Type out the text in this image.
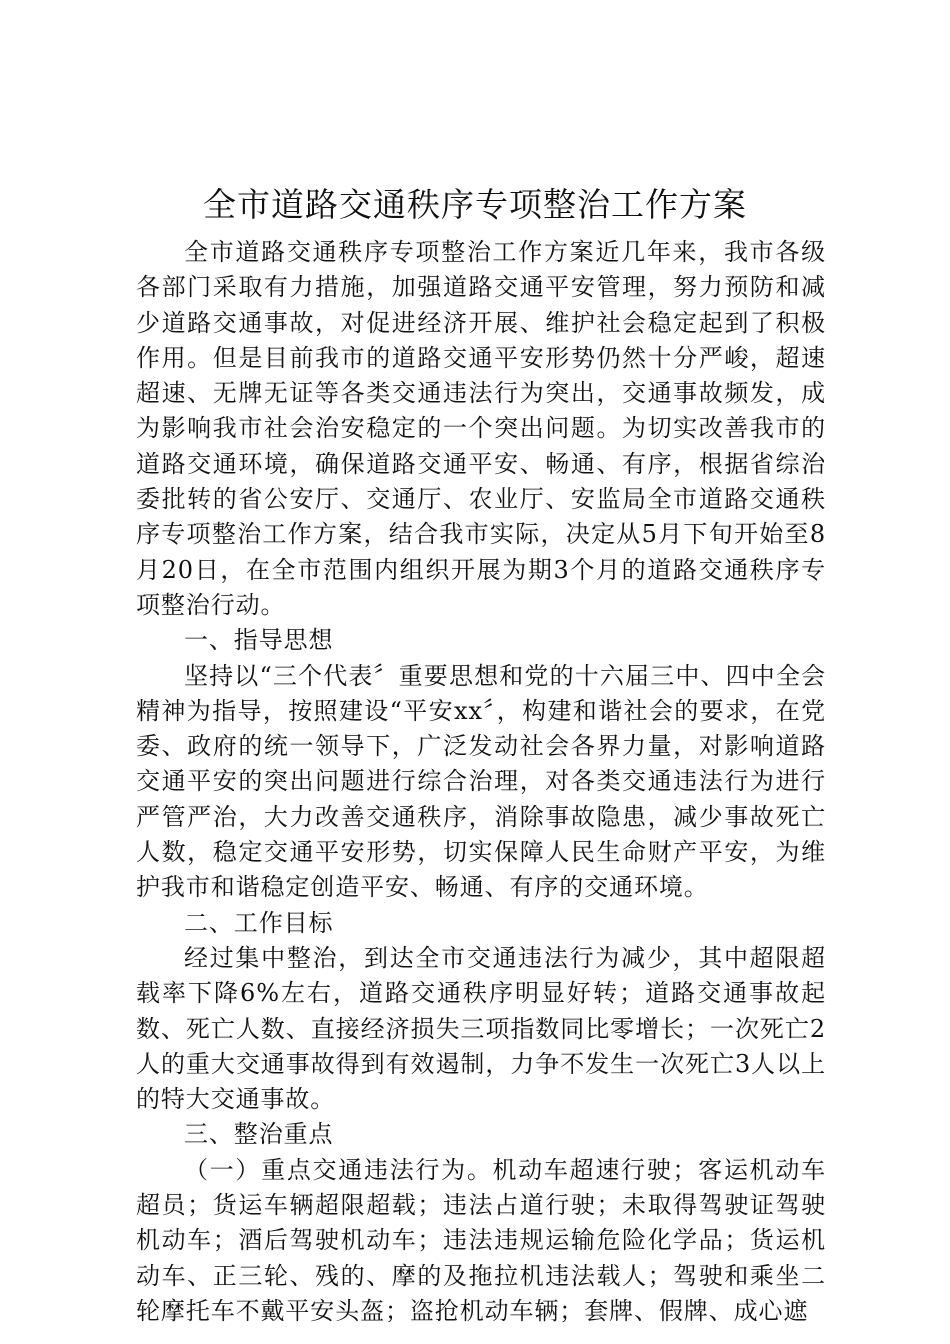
全市道路交通秩序专项整治工作方案

全市道路交通秩序专项整治工作方案近几年来，我市各级各部门采取有力措施，加强道路交通平安管理，努力预防和减少道路交通事故，对促进经济开展、维护社会稳定起到了积极作用。但是目前我市的道路交通平安形势仍然十分严峻，超速超速、无牌无证等各类交通违法行为突出，交通事故频发，成为影响我市社会治安稳定的一个突出问题。为切实改善我市的道路交通环境，确保道路交通平安、畅通、有序，根据省综治委批转的省公安厅、交通厅、农业厅、安监局全市道路交通秩序专项整治工作方案，结合我市实际，决定从5月下旬开始至8月20日，在全市范围内组织开展为期3个月的道路交通秩序专项整治行动。

一、指导思想

坚持以“三个代表〞重要思想和党的十六届三中、四中全会精神为指导，按照建设“平安xx〞，构建和谐社会的要求，在党委、政府的统一领导下，广泛发动社会各界力量，对影响道路交通平安的突出问题进行综合治理，对各类交通违法行为进行严管严治，大力改善交通秩序，消除事故隐患，减少事故死亡人数，稳定交通平安形势，切实保障人民生命财产平安，为维护我市和谐稳定创造平安、畅通、有序的交通环境。

二、工作目标

经过集中整治，到达全市交通违法行为减少，其中超限超载率下降6%左右，道路交通秩序明显好转；道路交通事故起数、死亡人数、直接经济损失三项指数同比零增长；一次死亡2人的重大交通事故得到有效遏制，力争不发生一次死亡3人以上的特大交通事故。

三、整治重点

（一）重点交通违法行为。机动车超速行驶；客运机动车超员；货运车辆超限超载；违法占道行驶；未取得驾驶证驾驶机动车；酒后驾驶机动车；违法违规运输危险化学品；货运机动车、正三轮、残的、摩的及拖拉机违法载人；驾驶和乘坐二轮摩托车不戴平安头盔；盗抢机动车辆；套牌、假牌、成心遮
